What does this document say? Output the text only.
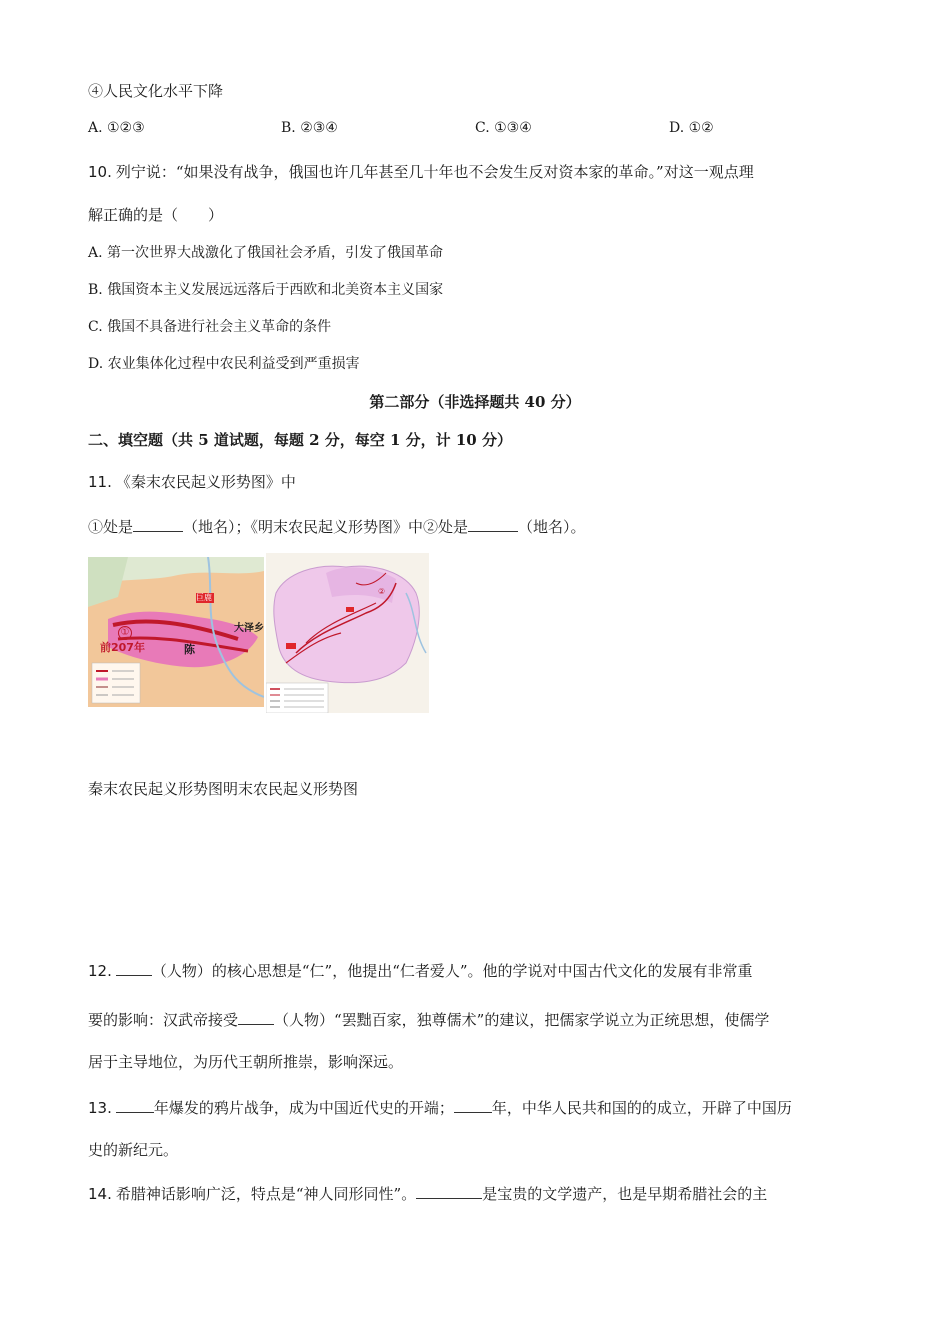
④人民文化水平下降
A. ①②③	B. ②③④	C. ①③④	D. ①②
10. 列宁说：“如果没有战争，俄国也许几年甚至几十年也不会发生反对资本家的革命。”对这一观点理
解正确的是（　　）
A. 第一次世界大战激化了俄国社会矛盾，引发了俄国革命
B. 俄国资本主义发展远远落后于西欧和北美资本主义国家
C. 俄国不具备进行社会主义革命的条件
D. 农业集体化过程中农民利益受到严重损害
第二部分（非选择题共 40 分）
二、填空题（共 5 道试题，每题 2 分，每空 1 分，计 10 分）
11. 《秦末农民起义形势图》中
①处是	（地名）；《明末农民起义形势图》中②处是	（地名）。
巨鹿
大泽乡
陈
①
前207年
②
秦末农民起义形势图明末农民起义形势图
12.	（人物）的核心思想是“仁”，他提出“仁者爱人”。他的学说对中国古代文化的发展有非常重
要的影响：汉武帝接受 （人物）“罢黜百家，独尊儒术”的建议，把儒家学说立为正统思想，使儒学
居于主导地位，为历代王朝所推崇，影响深远。
13.	年爆发的鸦片战争，成为中国近代史的开端；	年，中华人民共和国的的成立，开辟了中国历
史的新纪元。
14. 希腊神话影响广泛，特点是“神人同形同性”。	是宝贵的文学遗产，也是早期希腊社会的主
